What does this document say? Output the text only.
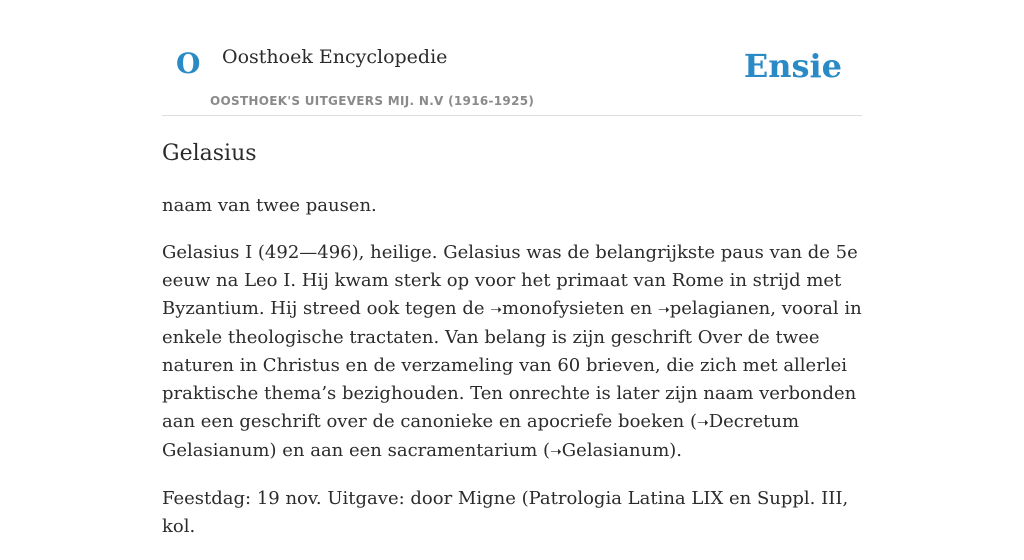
O Oosthoek Encyclopedie
OOSTHOEK'S UITGEVERS MIJ. N.V (1916-1925)
Ensie
Gelasius

naam van twee pausen.

Gelasius I (492—496), heilige. Gelasius was de belangrijkste paus van de 5e eeuw na Leo I. Hij kwam sterk op voor het primaat van Rome in strijd met Byzantium. Hij streed ook tegen de ➝monofysieten en ➝pelagianen, vooral in enkele theologische tractaten. Van belang is zijn geschrift Over de twee naturen in Christus en de verzameling van 60 brieven, die zich met allerlei praktische thema’s bezighouden. Ten onrechte is later zijn naam verbonden aan een geschrift over de canonieke en apocriefe boeken (➝Decretum Gelasianum) en aan een sacramentarium (➝Gelasianum).

Feestdag: 19 nov. Uitgave: door Migne (Patrologia Latina LIX en Suppl. III, kol.
